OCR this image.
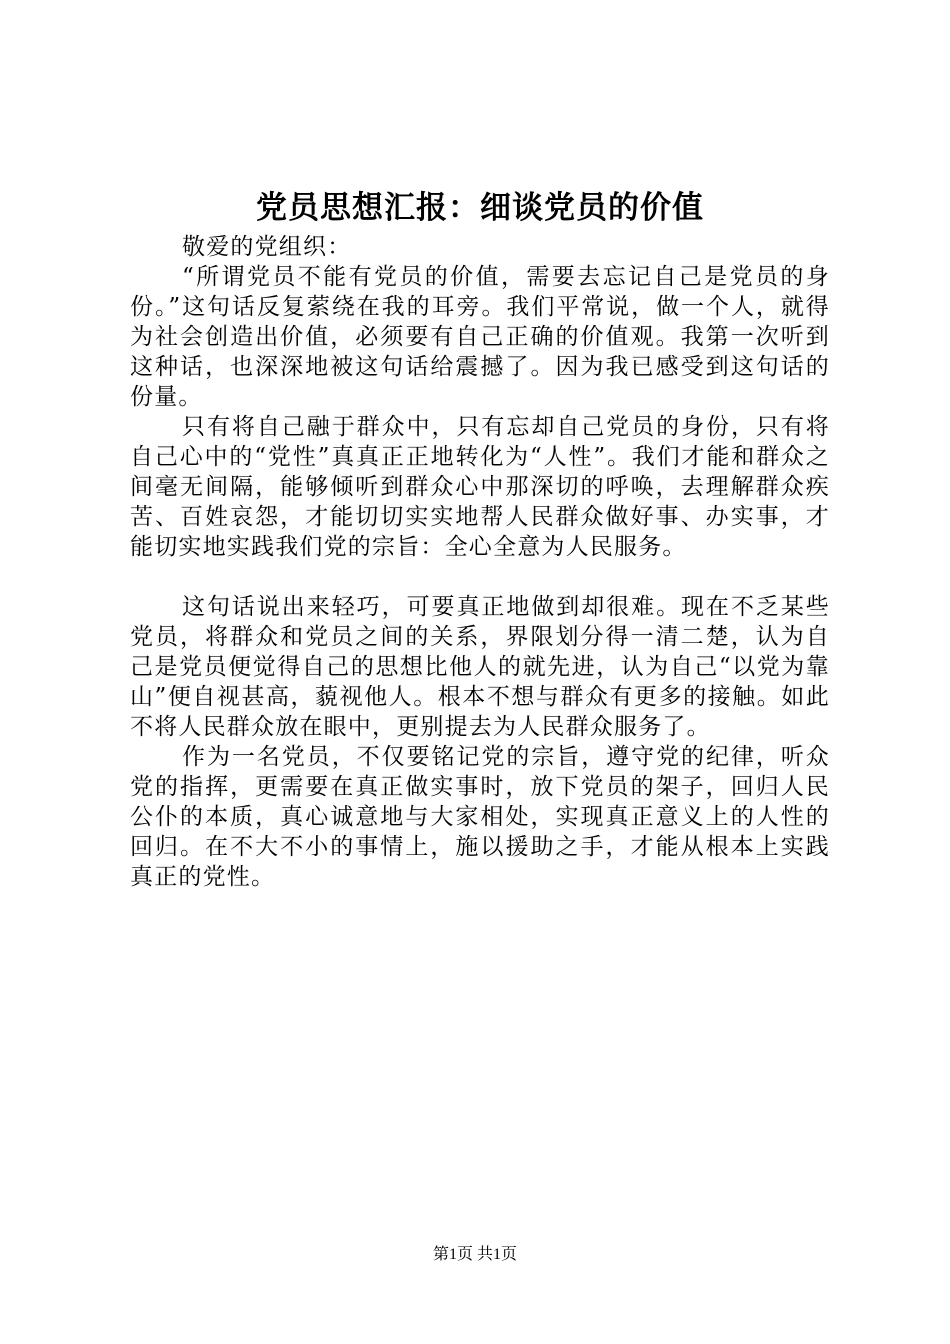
党员思想汇报：细谈党员的价值

敬爱的党组织：

“所谓党员不能有党员的价值，需要去忘记自己是党员的身份。”这句话反复萦绕在我的耳旁。我们平常说，做一个人，就得为社会创造出价值，必须要有自己正确的价值观。我第一次听到这种话，也深深地被这句话给震撼了。因为我已感受到这句话的份量。

只有将自己融于群众中，只有忘却自己党员的身份，只有将自己心中的“党性”真真正正地转化为“人性”。我们才能和群众之间毫无间隔，能够倾听到群众心中那深切的呼唤，去理解群众疾苦、百姓哀怨，才能切切实实地帮人民群众做好事、办实事，才能切实地实践我们党的宗旨：全心全意为人民服务。

这句话说出来轻巧，可要真正地做到却很难。现在不乏某些党员，将群众和党员之间的关系，界限划分得一清二楚，认为自己是党员便觉得自己的思想比他人的就先进，认为自己“以党为靠山”便自视甚高，藐视他人。根本不想与群众有更多的接触。如此不将人民群众放在眼中，更别提去为人民群众服务了。

作为一名党员，不仅要铭记党的宗旨，遵守党的纪律，听众党的指挥，更需要在真正做实事时，放下党员的架子，回归人民公仆的本质，真心诚意地与大家相处，实现真正意义上的人性的回归。在不大不小的事情上，施以援助之手，才能从根本上实践真正的党性。

第1页 共1页
